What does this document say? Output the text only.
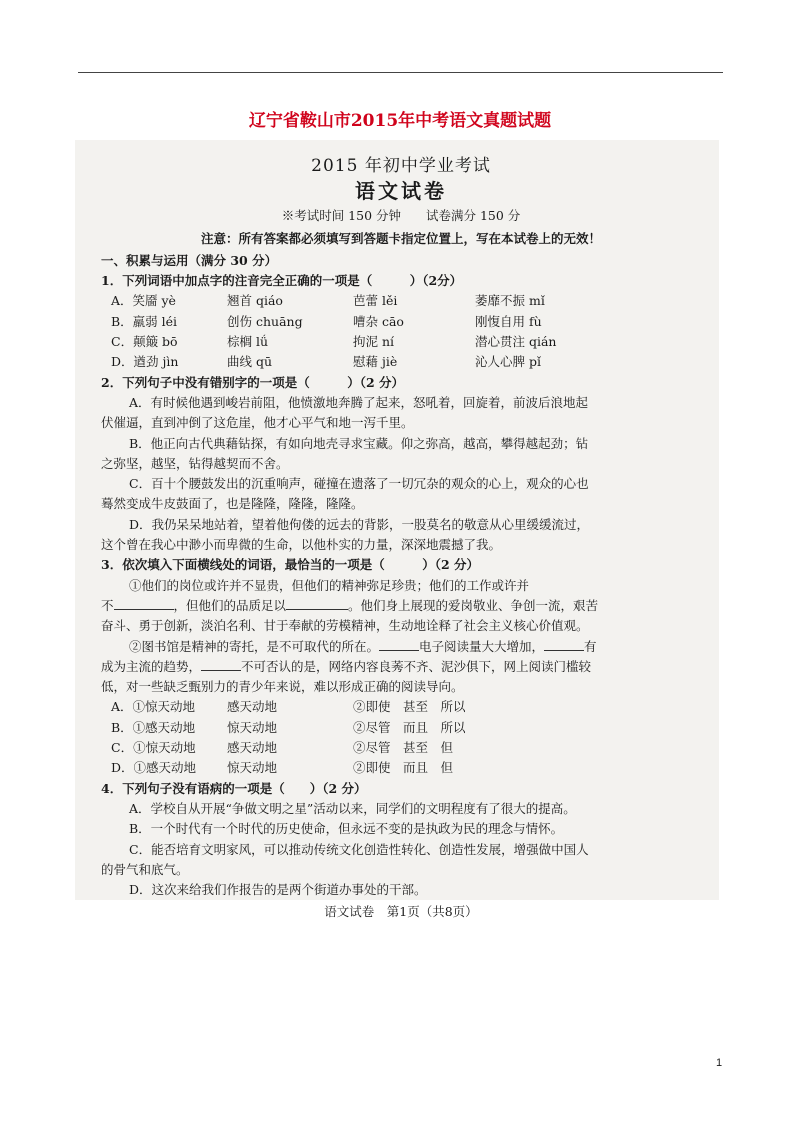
辽宁省鞍山市2015年中考语文真题试题
2015 年初中学业考试
语文试卷
※考试时间 150 分钟　　试卷满分 150 分
注意：所有答案都必须填写到答题卡指定位置上，写在本试卷上的无效！
一、积累与运用（满分 30 分）
1．下列词语中加点字的注音完全正确的一项是（　　　）（2分）
A．笑靥 yè	翘首 qiáo	芭蕾 lěi	萎靡不振 mǐ
B．羸弱 léi	创伤 chuāng	嘈杂 cāo	刚愎自用 fù
C．颠簸 bō	棕榈 lǘ	拘泥 ní	潜心贯注 qián
D．遒劲 jìn	曲线 qū	慰藉 jiè	沁人心脾 pǐ
2．下列句子中没有错别字的一项是（　　　）（2 分）
A．有时候他遇到峻岩前阻，他愤激地奔腾了起来，怒吼着，回旋着，前波后浪地起
伏催逼，直到冲倒了这危崖，他才心平气和地一泻千里。
B．他正向古代典藉钻探，有如向地壳寻求宝藏。仰之弥高，越高，攀得越起劲；钻
之弥坚，越坚，钻得越契而不舍。
C．百十个腰鼓发出的沉重响声，碰撞在遗落了一切冗杂的观众的心上，观众的心也
蓦然变成牛皮鼓面了，也是隆隆，隆隆，隆隆。
D．我仍呆呆地站着，望着他佝偻的远去的背影，一股莫名的敬意从心里缓缓流过，
这个曾在我心中渺小而卑微的生命，以他朴实的力量，深深地震撼了我。
3．依次填入下面横线处的词语，最恰当的一项是（　　　）（2 分）
①他们的岗位或许并不显贵，但他们的精神弥足珍贵；他们的工作或许并
不	，但他们的品质足以	。他们身上展现的爱岗敬业、争创一流，艰苦
奋斗、勇于创新，淡泊名利、甘于奉献的劳模精神，生动地诠释了社会主义核心价值观。
②图书馆是精神的寄托，是不可取代的所在。	电子阅读量大大增加，	有
成为主流的趋势，	不可否认的是，网络内容良莠不齐、泥沙俱下，网上阅读门槛较
低，对一些缺乏甄别力的青少年来说，难以形成正确的阅读导向。
A．①惊天动地	感天动地	②即使　甚至　所以
B．①感天动地	惊天动地	②尽管　而且　所以
C．①惊天动地	感天动地	②尽管　甚至　但
D．①感天动地	惊天动地	②即使　而且　但
4．下列句子没有语病的一项是（　　）（2 分）
A．学校自从开展“争做文明之星”活动以来，同学们的文明程度有了很大的提高。
B．一个时代有一个时代的历史使命，但永远不变的是执政为民的理念与情怀。
C．能否培育文明家风，可以推动传统文化创造性转化、创造性发展，增强做中国人
的骨气和底气。
D．这次来给我们作报告的是两个街道办事处的干部。
语文试卷　第1页（共8页）
1
